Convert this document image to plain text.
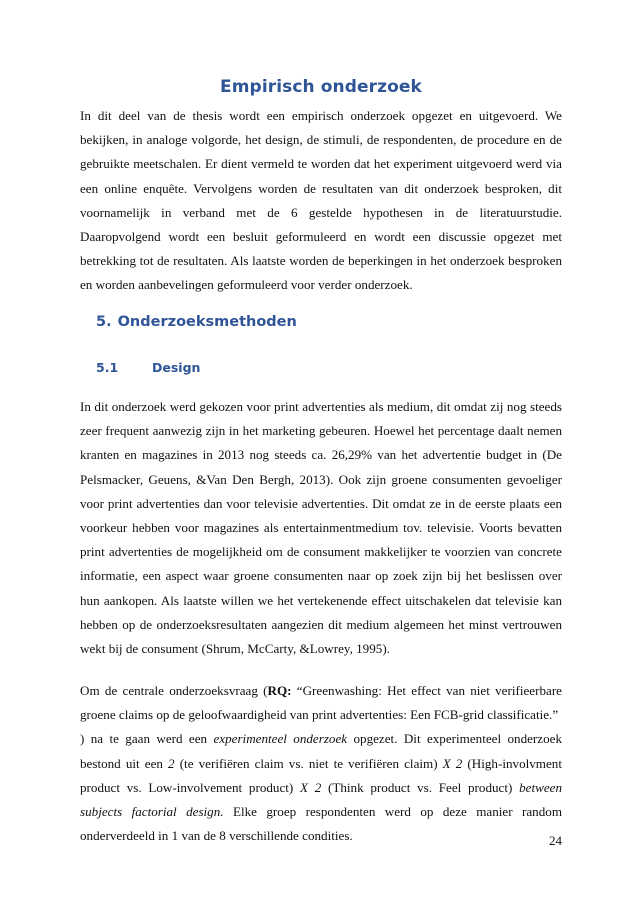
Empirisch onderzoek

In dit deel van de thesis wordt een empirisch onderzoek opgezet en uitgevoerd. We bekijken, in analoge volgorde, het design, de stimuli, de respondenten, de procedure en de gebruikte meetschalen. Er dient vermeld te worden dat het experiment uitgevoerd werd via een online enquête. Vervolgens worden de resultaten van dit onderzoek besproken, dit voornamelijk in verband met de 6 gestelde hypothesen in de literatuurstudie. Daaropvolgend wordt een besluit geformuleerd en wordt een discussie opgezet met betrekking tot de resultaten. Als laatste worden de beperkingen in het onderzoek besproken en worden aanbevelingen geformuleerd voor verder onderzoek.

5. Onderzoeksmethoden
5.1	Design

In dit onderzoek werd gekozen voor print advertenties als medium, dit omdat zij nog steeds zeer frequent aanwezig zijn in het marketing gebeuren. Hoewel het percentage daalt nemen kranten en magazines in 2013 nog steeds ca. 26,29% van het advertentie budget in (De Pelsmacker, Geuens, &Van Den Bergh, 2013). Ook zijn groene consumenten gevoeliger voor print advertenties dan voor televisie advertenties. Dit omdat ze in de eerste plaats een voorkeur hebben voor magazines als entertainmentmedium tov. televisie. Voorts bevatten print advertenties de mogelijkheid om de consument makkelijker te voorzien van concrete informatie, een aspect waar groene consumenten naar op zoek zijn bij het beslissen over hun aankopen. Als laatste willen we het vertekenende effect uitschakelen dat televisie kan hebben op de onderzoeksresultaten aangezien dit medium algemeen het minst vertrouwen wekt bij de consument (Shrum, McCarty, &Lowrey, 1995).

Om de centrale onderzoeksvraag (RQ: “Greenwashing: Het effect van niet verifieerbare groene claims op de geloofwaardigheid van print advertenties: Een FCB-grid classificatie.”
) na te gaan werd een experimenteel onderzoek opgezet. Dit experimenteel onderzoek bestond uit een 2 (te verifiëren claim vs. niet te verifiëren claim) X 2 (High-involvment product vs. Low-involvement product) X 2 (Think product vs. Feel product) between subjects factorial design. Elke groep respondenten werd op deze manier random onderverdeeld in 1 van de 8 verschillende condities.	24
